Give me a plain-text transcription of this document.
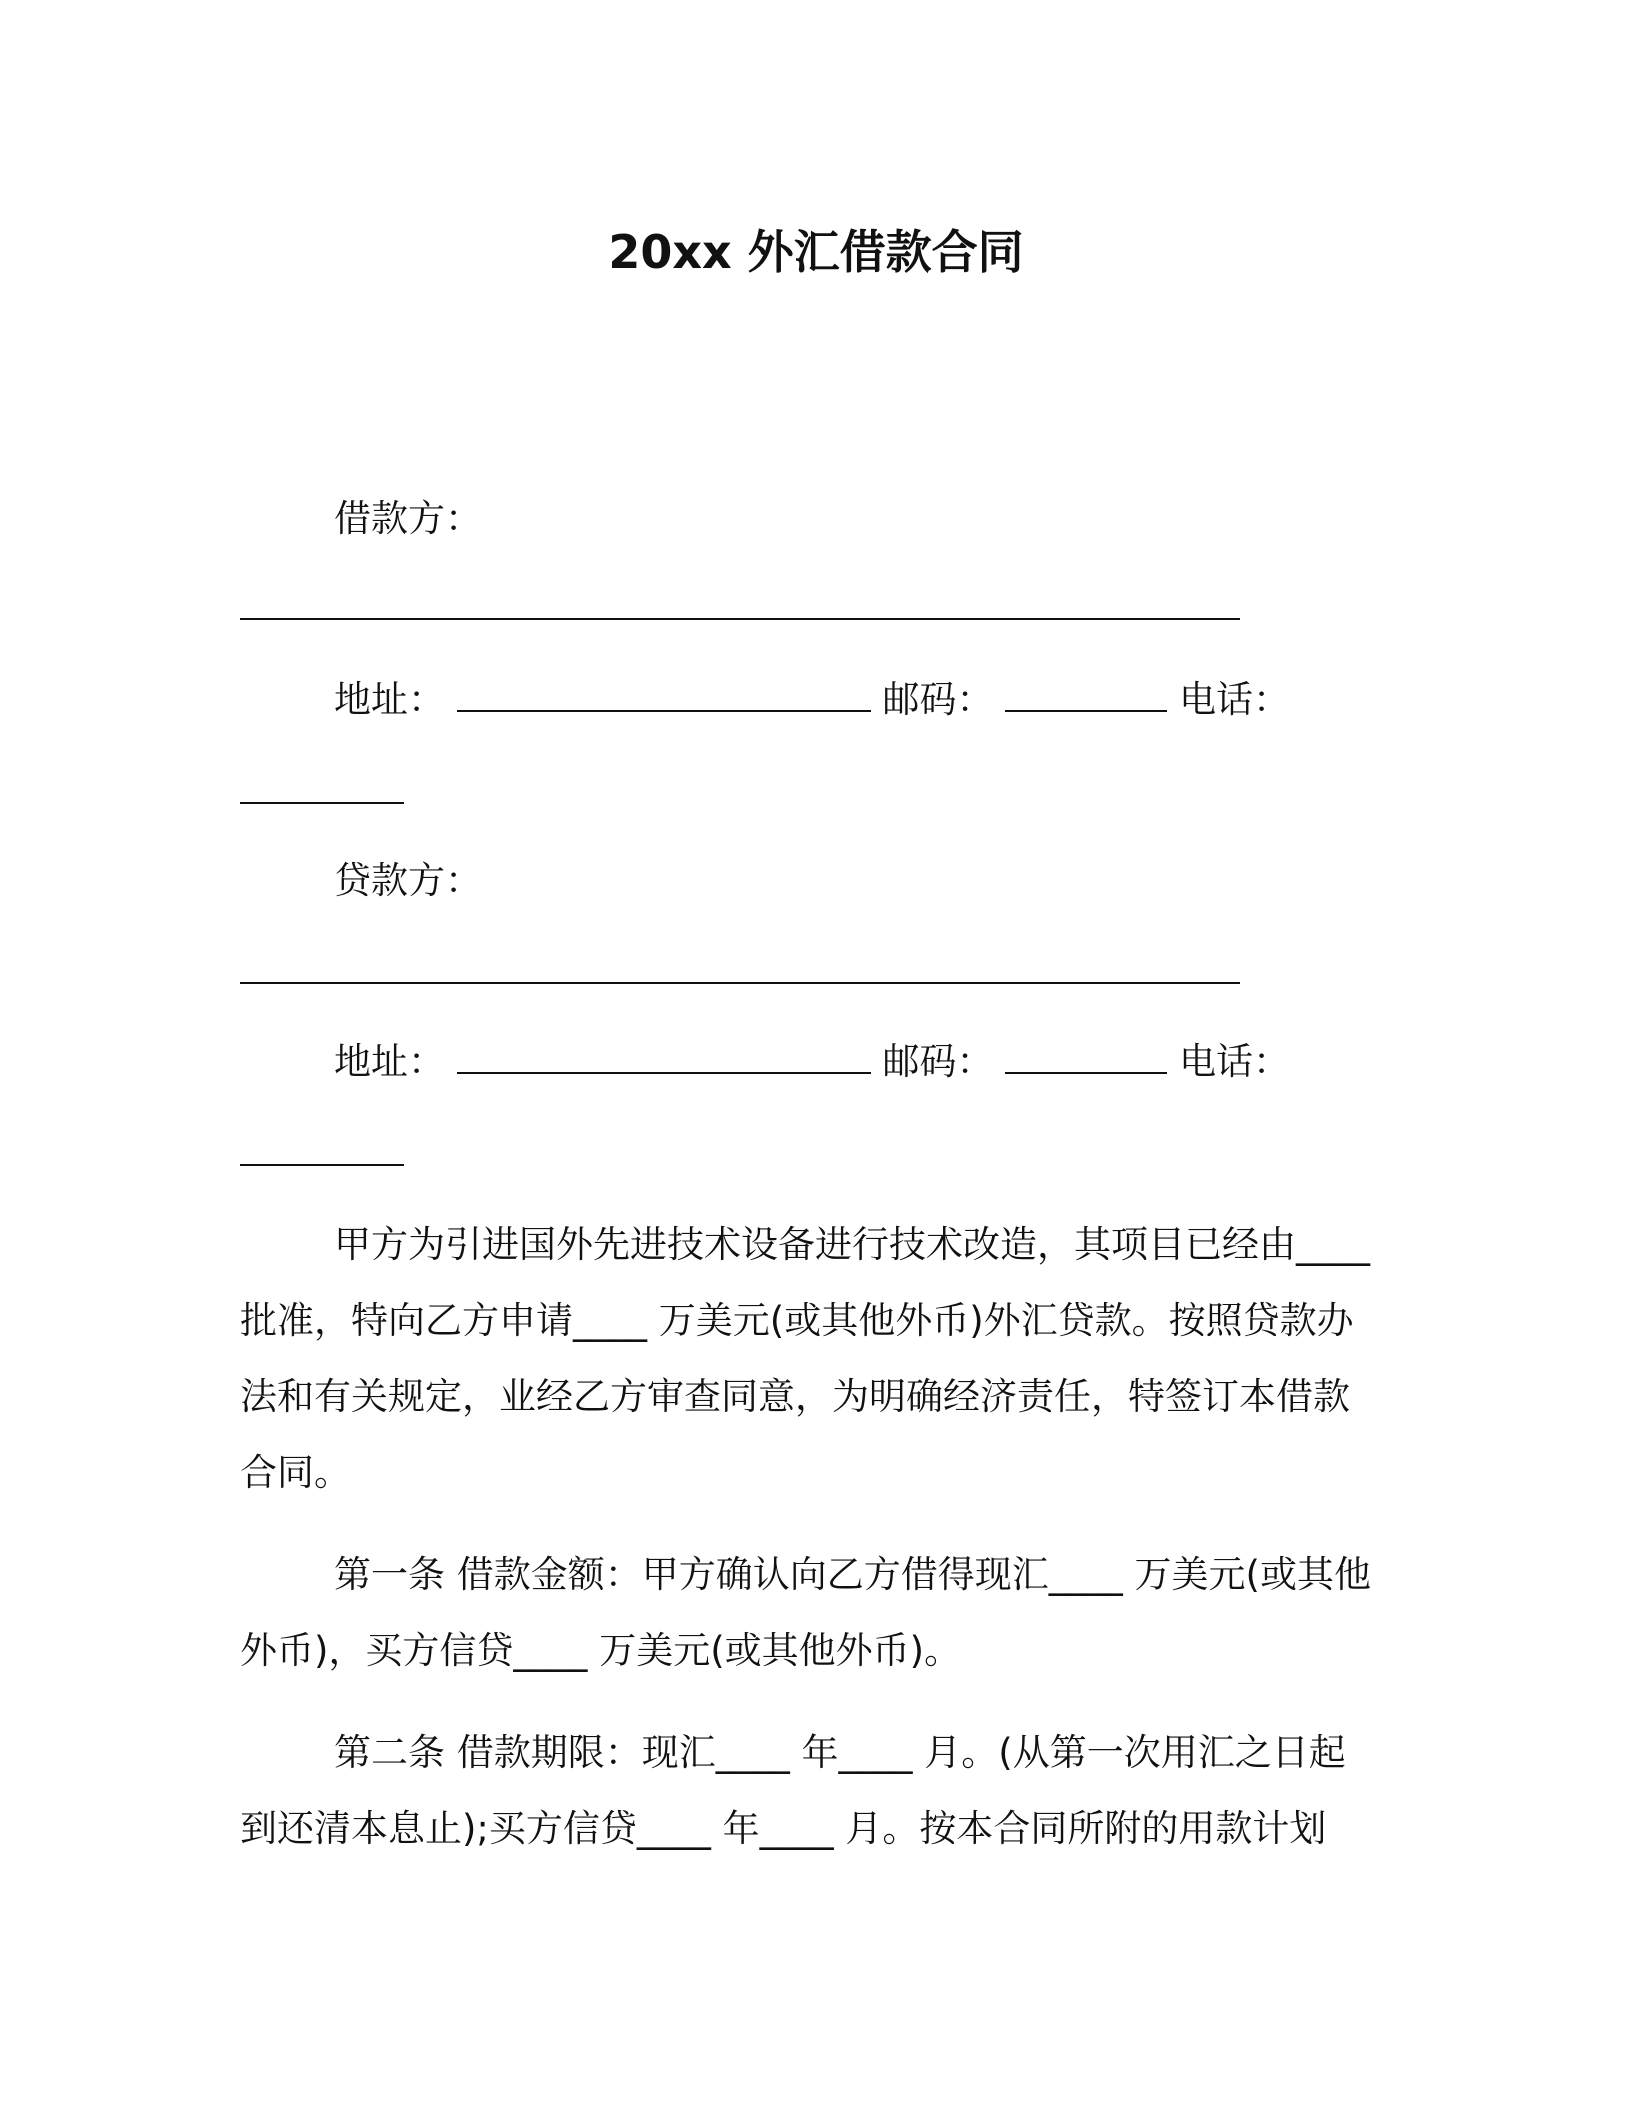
20xx 外汇借款合同
借款方：
地址：	邮码：	电话：
贷款方：
地址：	邮码：	电话：
甲方为引进国外先进技术设备进行技术改造，其项目已经由____
批准，特向乙方申请____ 万美元(或其他外币)外汇贷款。按照贷款办
法和有关规定，业经乙方审查同意，为明确经济责任，特签订本借款
合同。
第一条 借款金额：甲方确认向乙方借得现汇____ 万美元(或其他
外币)，买方信贷____ 万美元(或其他外币)。
第二条 借款期限：现汇____ 年____ 月。(从第一次用汇之日起
到还清本息止);买方信贷____ 年____ 月。按本合同所附的用款计划
